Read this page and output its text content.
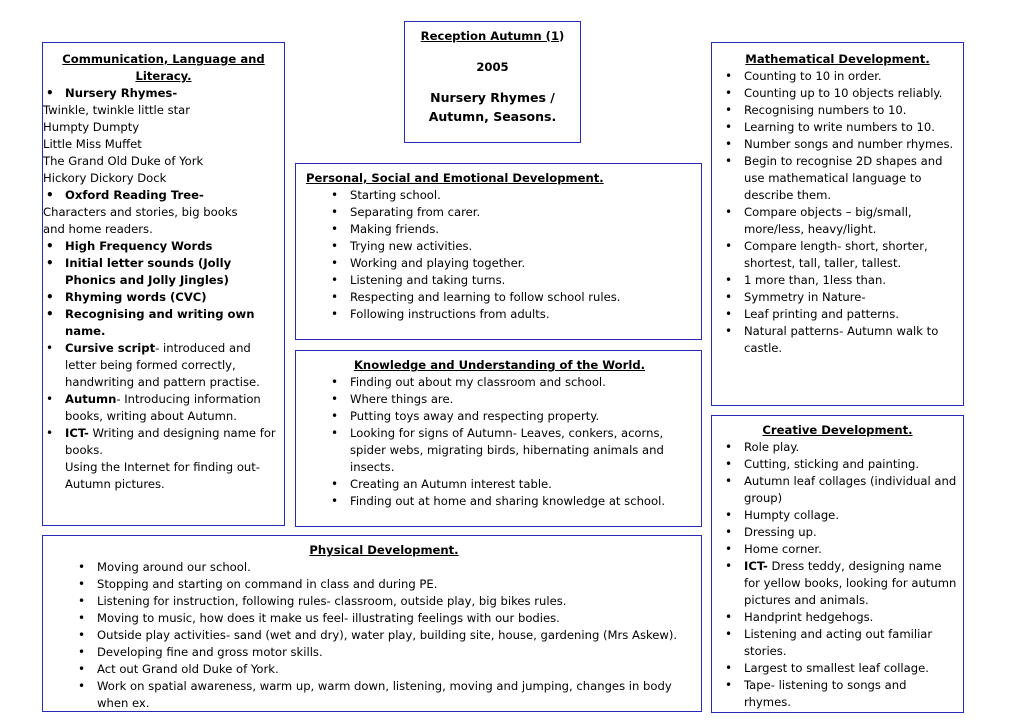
Reception Autumn (1)
2005
Nursery Rhymes /
Autumn, Seasons.
Communication, Language and
Literacy.
• Nursery Rhymes-
Twinkle, twinkle little star
Humpty Dumpty
Little Miss Muffet
The Grand Old Duke of York
Hickory Dickory Dock
• Oxford Reading Tree-
Characters and stories, big books
and home readers.
• High Frequency Words
• Initial letter sounds (Jolly Phonics and Jolly Jingles)
• Rhyming words (CVC)
• Recognising and writing own name.
• Cursive script- introduced and letter being formed correctly, handwriting and pattern practise.
• Autumn- Introducing information books, writing about Autumn.
• ICT- Writing and designing name for books.
Using the Internet for finding out- Autumn pictures.
Personal, Social and Emotional Development.
• Starting school.
• Separating from carer.
• Making friends.
• Trying new activities.
• Working and playing together.
• Listening and taking turns.
• Respecting and learning to follow school rules.
• Following instructions from adults.
Knowledge and Understanding of the World.
• Finding out about my classroom and school.
• Where things are.
• Putting toys away and respecting property.
• Looking for signs of Autumn- Leaves, conkers, acorns, spider webs, migrating birds, hibernating animals and insects.
• Creating an Autumn interest table.
• Finding out at home and sharing knowledge at school.
Physical Development.
• Moving around our school.
• Stopping and starting on command in class and during PE.
• Listening for instruction, following rules- classroom, outside play, big bikes rules.
• Moving to music, how does it make us feel- illustrating feelings with our bodies.
• Outside play activities- sand (wet and dry), water play, building site, house, gardening (Mrs Askew).
• Developing fine and gross motor skills.
• Act out Grand old Duke of York.
• Work on spatial awareness, warm up, warm down, listening, moving and jumping, changes in body when ex.
Mathematical Development.
• Counting to 10 in order.
• Counting up to 10 objects reliably.
• Recognising numbers to 10.
• Learning to write numbers to 10.
• Number songs and number rhymes.
• Begin to recognise 2D shapes and use mathematical language to describe them.
• Compare objects – big/small, more/less, heavy/light.
• Compare length- short, shorter, shortest, tall, taller, tallest.
• 1 more than, 1less than.
• Symmetry in Nature-
• Leaf printing and patterns.
• Natural patterns- Autumn walk to castle.
Creative Development.
• Role play.
• Cutting, sticking and painting.
• Autumn leaf collages (individual and group)
• Humpty collage.
• Dressing up.
• Home corner.
• ICT- Dress teddy, designing name for yellow books, looking for autumn pictures and animals.
• Handprint hedgehogs.
• Listening and acting out familiar stories.
• Largest to smallest leaf collage.
• Tape- listening to songs and rhymes.
